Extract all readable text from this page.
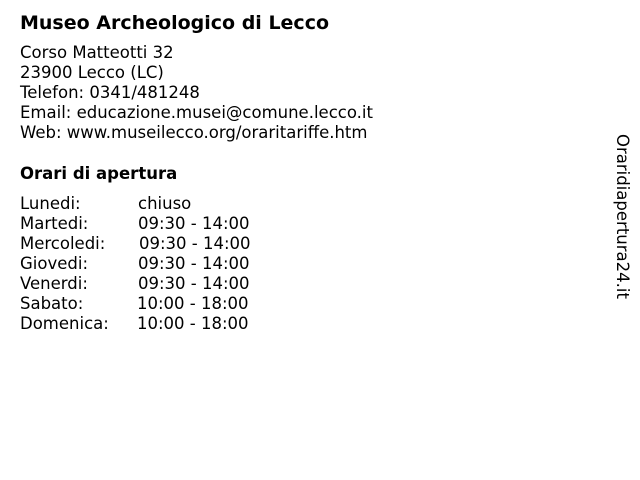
Museo Archeologico di Lecco
Corso Matteotti 32
23900 Lecco (LC)
Telefon: 0341/481248
Email: educazione.musei@comune.lecco.it
Web: www.museilecco.org/oraritariffe.htm
Orari di apertura
Lunedi:	chiuso
Martedi:	09:30 - 14:00
Mercoledi: 09:30 - 14:00
Giovedi:	09:30 - 14:00
Venerdi:	09:30 - 14:00
Sabato:	10:00 - 18:00
Domenica: 10:00 - 18:00
Oraridiapertura24.it
